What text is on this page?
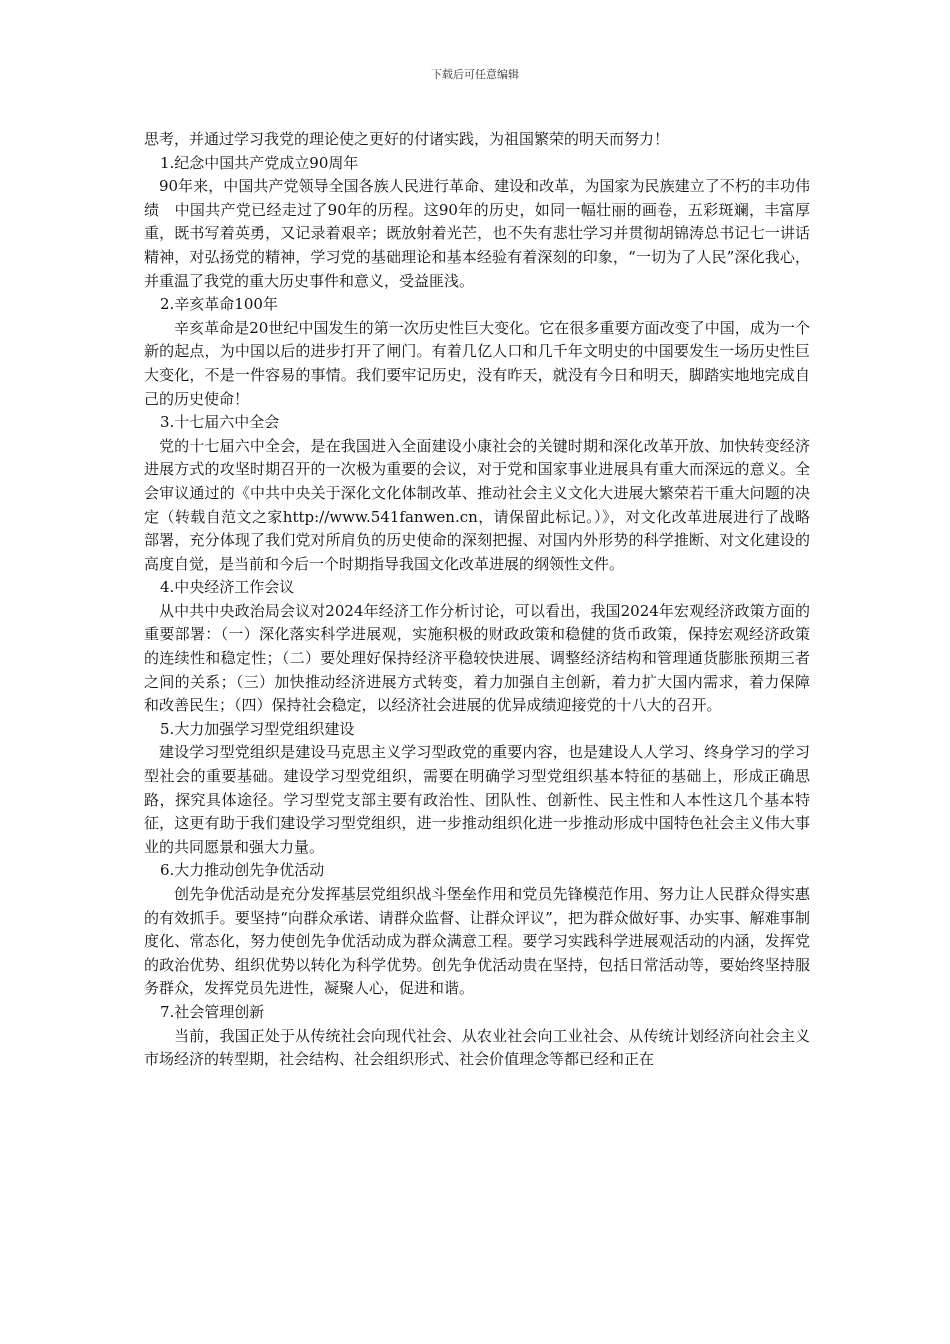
下载后可任意编辑

思考，并通过学习我党的理论使之更好的付诸实践，为祖国繁荣的明天而努力！

1.纪念中国共产党成立90周年

90年来，中国共产党领导全国各族人民进行革命、建设和改革，为国家为民族建立了不朽的丰功伟绩　中国共产党已经走过了90年的历程。这90年的历史，如同一幅壮丽的画卷，五彩斑斓，丰富厚重，既书写着英勇，又记录着艰辛；既放射着光芒，也不失有悲壮学习并贯彻胡锦涛总书记七一讲话精神，对弘扬党的精神，学习党的基础理论和基本经验有着深刻的印象，“一切为了人民”深化我心，并重温了我党的重大历史事件和意义，受益匪浅。

2.辛亥革命100年

辛亥革命是20世纪中国发生的第一次历史性巨大变化。它在很多重要方面改变了中国，成为一个新的起点，为中国以后的进步打开了闸门。有着几亿人口和几千年文明史的中国要发生一场历史性巨大变化，不是一件容易的事情。我们要牢记历史，没有昨天，就没有今日和明天，脚踏实地地完成自己的历史使命！

3.十七届六中全会

党的十七届六中全会，是在我国进入全面建设小康社会的关键时期和深化改革开放、加快转变经济进展方式的攻坚时期召开的一次极为重要的会议，对于党和国家事业进展具有重大而深远的意义。全会审议通过的《中共中央关于深化文化体制改革、推动社会主义文化大进展大繁荣若干重大问题的决定（转载自范文之家http://www.541fanwen.cn，请保留此标记。）》，对文化改革进展进行了战略部署，充分体现了我们党对所肩负的历史使命的深刻把握、对国内外形势的科学推断、对文化建设的高度自觉，是当前和今后一个时期指导我国文化改革进展的纲领性文件。

4.中央经济工作会议

从中共中央政治局会议对2024年经济工作分析讨论，可以看出，我国2024年宏观经济政策方面的重要部署：（一）深化落实科学进展观，实施积极的财政政策和稳健的货币政策，保持宏观经济政策的连续性和稳定性；（二）要处理好保持经济平稳较快进展、调整经济结构和管理通货膨胀预期三者之间的关系；（三）加快推动经济进展方式转变，着力加强自主创新，着力扩大国内需求，着力保障和改善民生；（四）保持社会稳定，以经济社会进展的优异成绩迎接党的十八大的召开。

5.大力加强学习型党组织建设

建设学习型党组织是建设马克思主义学习型政党的重要内容，也是建设人人学习、终身学习的学习型社会的重要基础。建设学习型党组织，需要在明确学习型党组织基本特征的基础上，形成正确思路，探究具体途径。学习型党支部主要有政治性、团队性、创新性、民主性和人本性这几个基本特征，这更有助于我们建设学习型党组织，进一步推动组织化进一步推动形成中国特色社会主义伟大事业的共同愿景和强大力量。

6.大力推动创先争优活动

创先争优活动是充分发挥基层党组织战斗堡垒作用和党员先锋模范作用、努力让人民群众得实惠的有效抓手。要坚持“向群众承诺、请群众监督、让群众评议”，把为群众做好事、办实事、解难事制度化、常态化，努力使创先争优活动成为群众满意工程。要学习实践科学进展观活动的内涵，发挥党的政治优势、组织优势以转化为科学优势。创先争优活动贵在坚持，包括日常活动等，要始终坚持服务群众，发挥党员先进性，凝聚人心，促进和谐。

7.社会管理创新

当前，我国正处于从传统社会向现代社会、从农业社会向工业社会、从传统计划经济向社会主义市场经济的转型期，社会结构、社会组织形式、社会价值理念等都已经和正在
